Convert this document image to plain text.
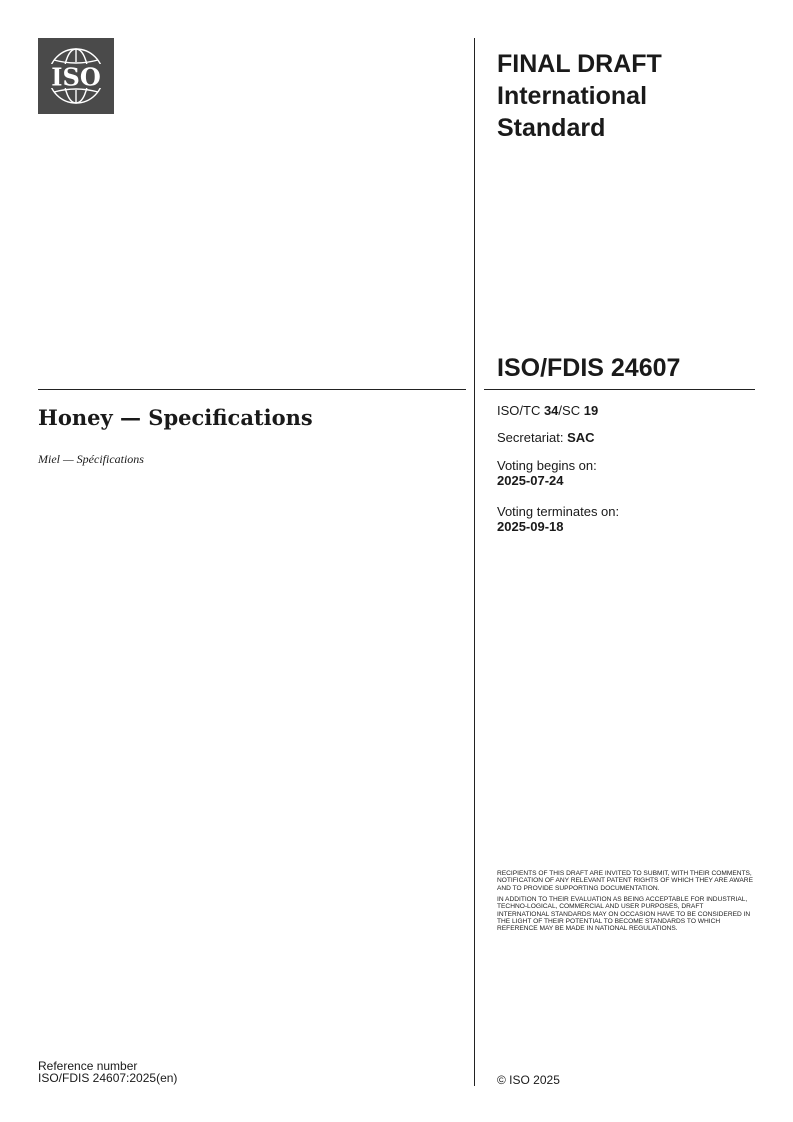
ISO	FINAL DRAFT
International
Standard
ISO/FDIS 24607
Honey — Specifications
Miel — Spécifications
ISO/TC 34/SC 19
Secretariat: SAC
Voting begins on:
2025-07-24
Voting terminates on:
2025-09-18

RECIPIENTS OF THIS DRAFT ARE INVITED TO SUBMIT, WITH THEIR COMMENTS, NOTIFICATION OF ANY RELEVANT PATENT RIGHTS OF WHICH THEY ARE AWARE AND TO PROVIDE SUPPORTING DOCUMENTATION.

IN ADDITION TO THEIR EVALUATION AS BEING ACCEPTABLE FOR INDUSTRIAL, TECHNO-LOGICAL, COMMERCIAL AND USER PURPOSES, DRAFT INTERNATIONAL STANDARDS MAY ON OCCASION HAVE TO BE CONSIDERED IN THE LIGHT OF THEIR POTENTIAL TO BECOME STANDARDS TO WHICH REFERENCE MAY BE MADE IN NATIONAL REGULATIONS.

Reference number
ISO/FDIS 24607:2025(en)	© ISO 2025
